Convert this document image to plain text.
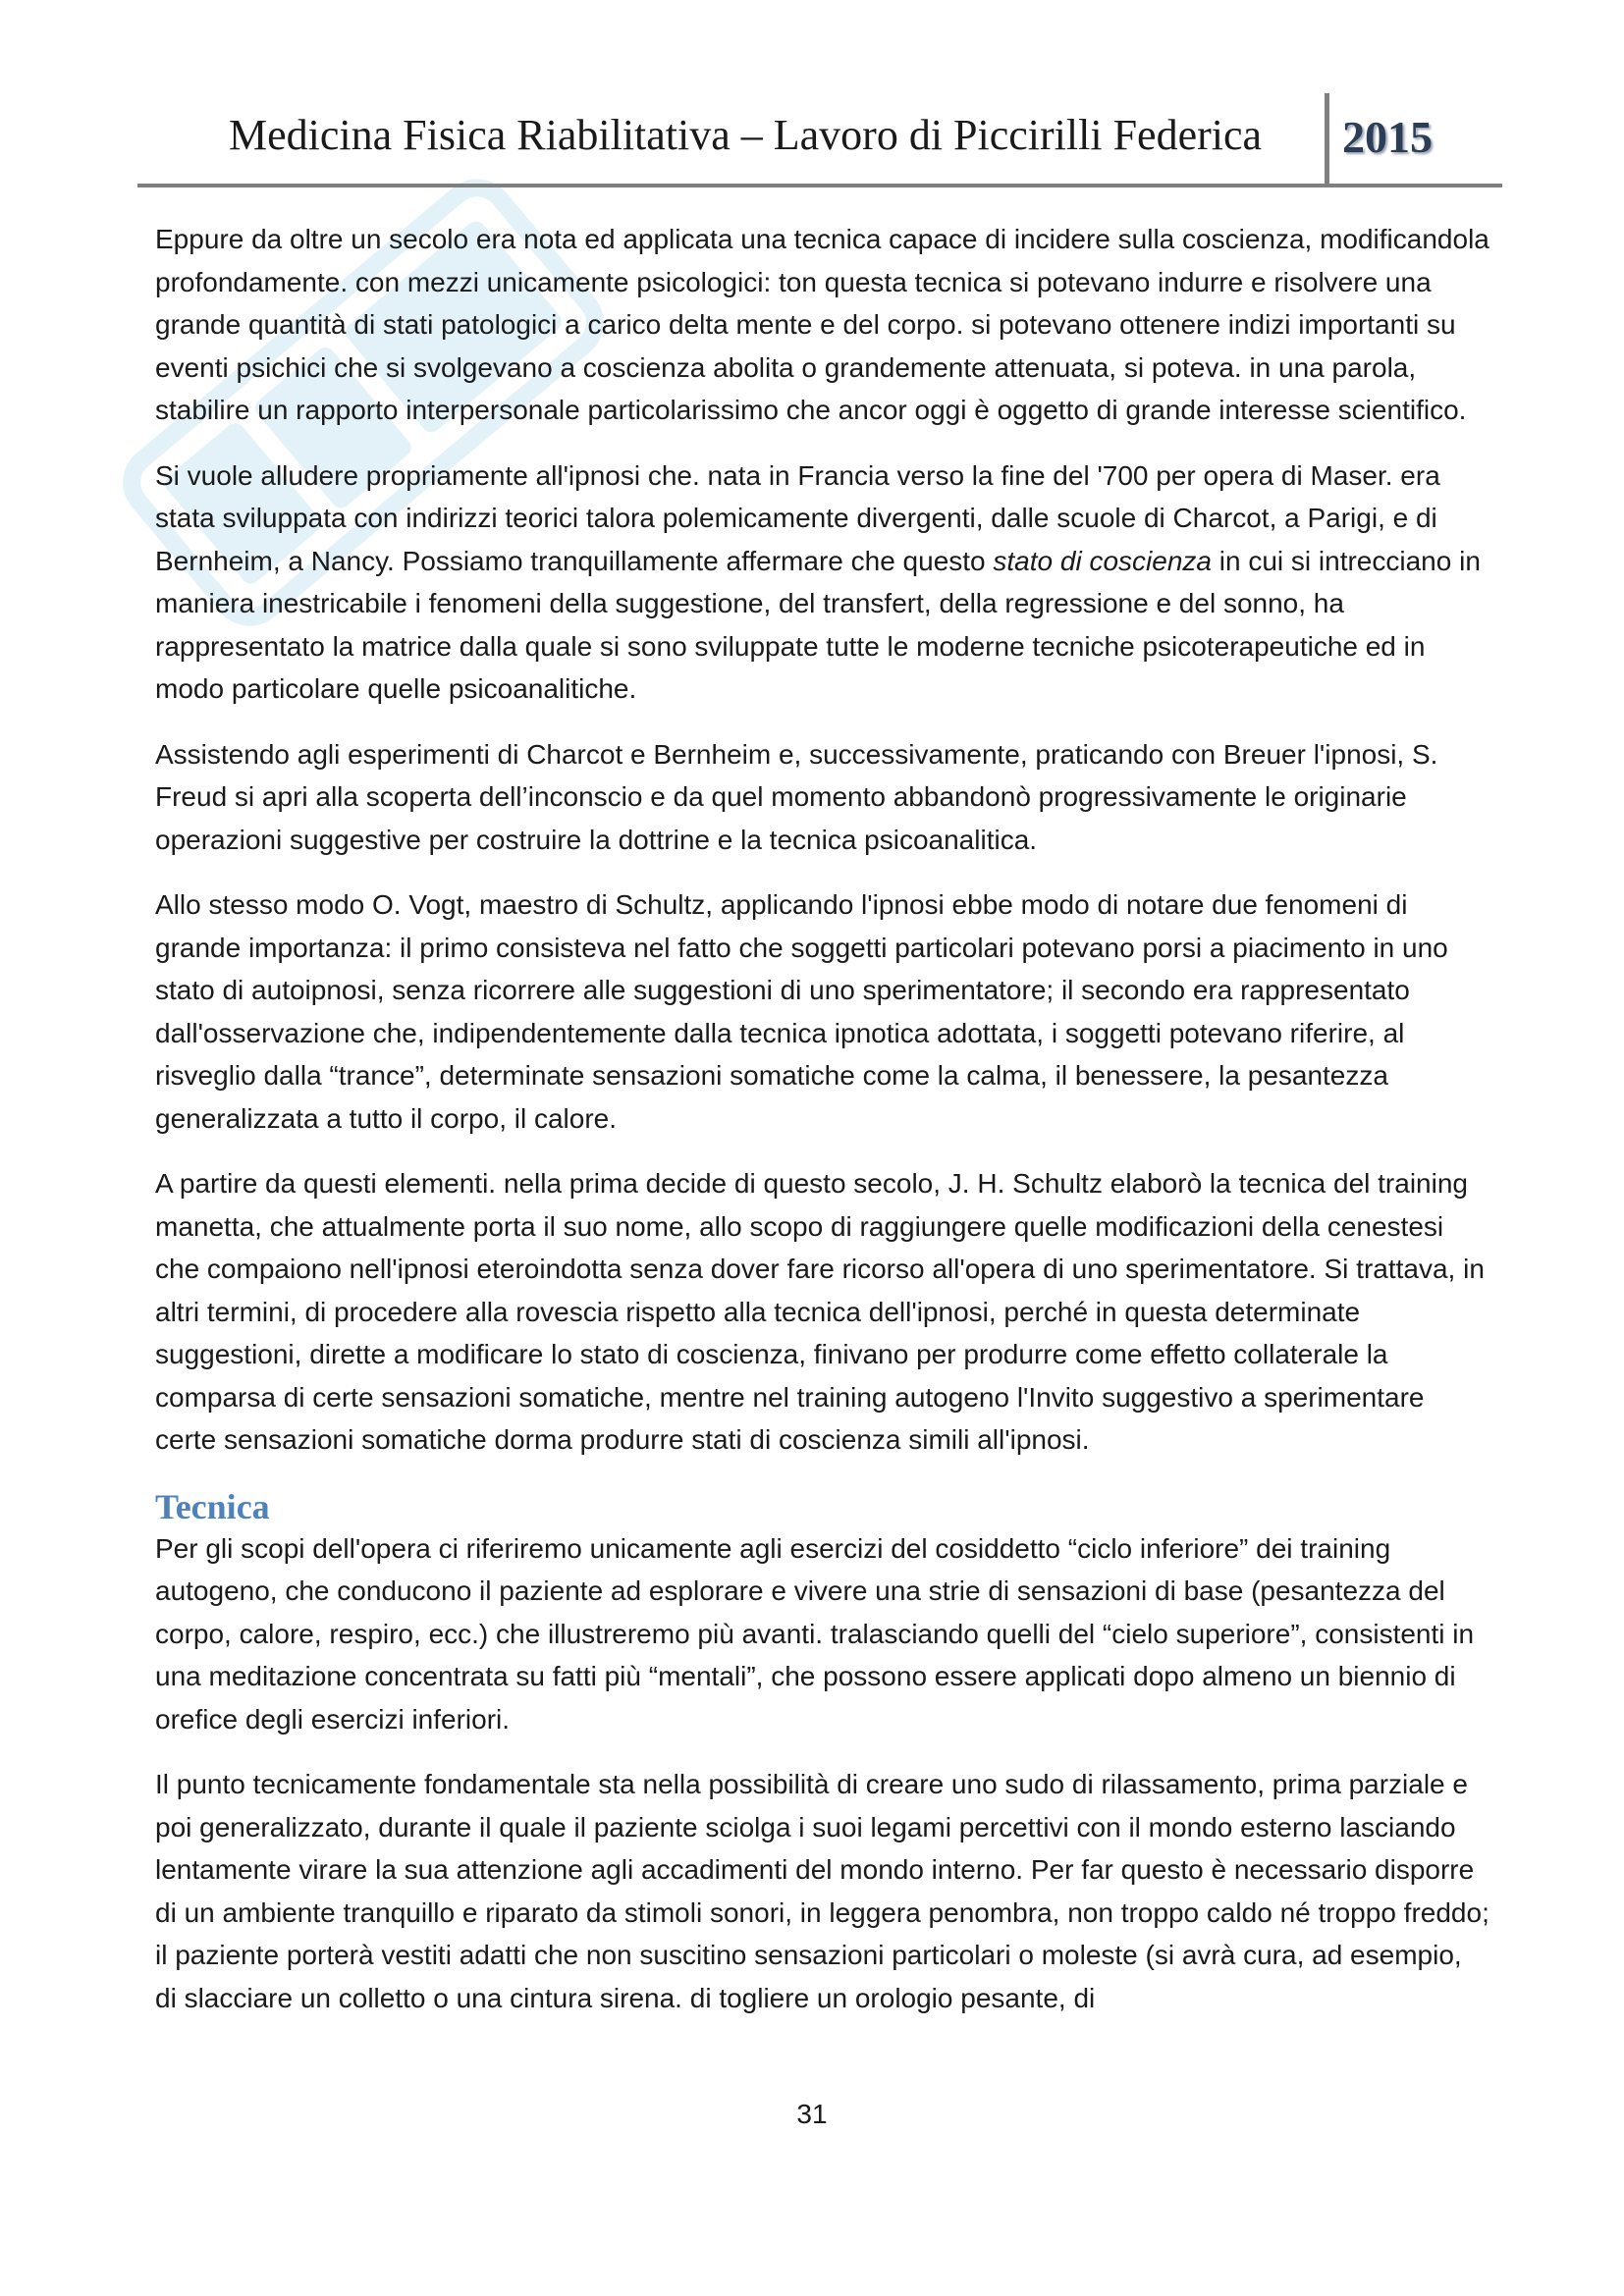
Medicina Fisica Riabilitativa – Lavoro di Piccirilli Federica 2015

Eppure da oltre un secolo era nota ed applicata una tecnica capace di incidere sulla coscienza, modificandola profondamente. con mezzi unicamente psicologici: ton questa tecnica si potevano indurre e risolvere una grande quantità di stati patologici a carico delta mente e del corpo. si potevano ottenere indizi importanti su eventi psichici che si svolgevano a coscienza abolita o grandemente attenuata, si poteva. in una parola, stabilire un rapporto interpersonale particolarissimo che ancor oggi è oggetto di grande interesse scientifico.

Si vuole alludere propriamente all'ipnosi che. nata in Francia verso la fine del '700 per opera di Maser. era stata sviluppata con indirizzi teorici talora polemicamente divergenti, dalle scuole di Charcot, a Parigi, e di Bernheim, a Nancy. Possiamo tranquillamente affermare che questo stato di coscienza in cui si intrecciano in maniera inestricabile i fenomeni della suggestione, del transfert, della regressione e del sonno, ha rappresentato la matrice dalla quale si sono sviluppate tutte le moderne tecniche psicoterapeutiche ed in modo particolare quelle psicoanalitiche.

Assistendo agli esperimenti di Charcot e Bernheim e, successivamente, praticando con Breuer l'ipnosi, S. Freud si apri alla scoperta dell’inconscio e da quel momento abbandonò progressivamente le originarie operazioni suggestive per costruire la dottrine e la tecnica psicoanalitica.

Allo stesso modo O. Vogt, maestro di Schultz, applicando l'ipnosi ebbe modo di notare due fenomeni di grande importanza: il primo consisteva nel fatto che soggetti particolari potevano porsi a piacimento in uno stato di autoipnosi, senza ricorrere alle suggestioni di uno sperimentatore; il secondo era rappresentato dall'osservazione che, indipendentemente dalla tecnica ipnotica adottata, i soggetti potevano riferire, al risveglio dalla “trance”, determinate sensazioni somatiche come la calma, il benessere, la pesantezza generalizzata a tutto il corpo, il calore.

A partire da questi elementi. nella prima decide di questo secolo, J. H. Schultz elaborò la tecnica del training manetta, che attualmente porta il suo nome, allo scopo di raggiungere quelle modificazioni della cenestesi che compaiono nell'ipnosi eteroindotta senza dover fare ricorso all'opera di uno sperimentatore. Si trattava, in altri termini, di procedere alla rovescia rispetto alla tecnica dell'ipnosi, perché in questa determinate suggestioni, dirette a modificare lo stato di coscienza, finivano per produrre come effetto collaterale la comparsa di certe sensazioni somatiche, mentre nel training autogeno l'Invito suggestivo a sperimentare certe sensazioni somatiche dorma produrre stati di coscienza simili all'ipnosi.

Tecnica

Per gli scopi dell'opera ci riferiremo unicamente agli esercizi del cosiddetto “ciclo inferiore” dei training autogeno, che conducono il paziente ad esplorare e vivere una strie di sensazioni di base (pesantezza del corpo, calore, respiro, ecc.) che illustreremo più avanti. tralasciando quelli del “cielo superiore”, consistenti in una meditazione concentrata su fatti più “mentali”, che possono essere applicati dopo almeno un biennio di orefice degli esercizi inferiori.

Il punto tecnicamente fondamentale sta nella possibilità di creare uno sudo di rilassamento, prima parziale e poi generalizzato, durante il quale il paziente sciolga i suoi legami percettivi con il mondo esterno lasciando lentamente virare la sua attenzione agli accadimenti del mondo interno. Per far questo è necessario disporre di un ambiente tranquillo e riparato da stimoli sonori, in leggera penombra, non troppo caldo né troppo freddo; il paziente porterà vestiti adatti che non suscitino sensazioni particolari o moleste (si avrà cura, ad esempio, di slacciare un colletto o una cintura sirena. di togliere un orologio pesante, di

31
